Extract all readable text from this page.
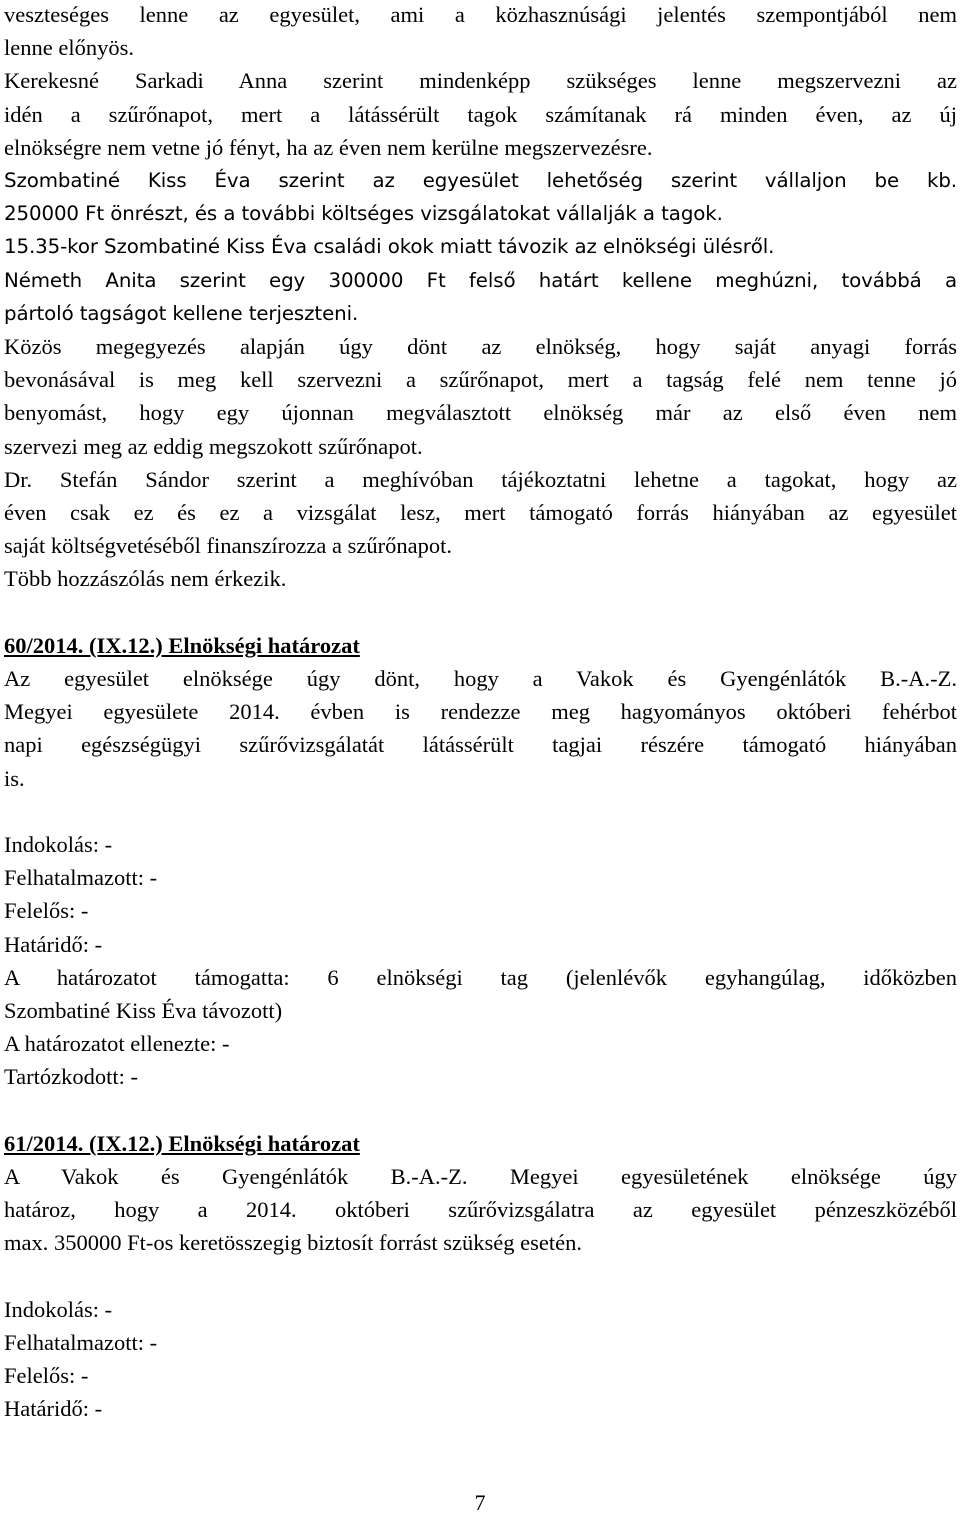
veszteséges lenne az egyesület, ami a közhasznúsági jelentés szempontjából nem
lenne előnyös.
Kerekesné Sarkadi Anna szerint mindenképp szükséges lenne megszervezni az
idén a szűrőnapot, mert a látássérült tagok számítanak rá minden éven, az új
elnökségre nem vetne jó fényt, ha az éven nem kerülne megszervezésre.
Szombatiné Kiss Éva szerint az egyesület lehetőség szerint vállaljon be kb.
250000 Ft önrészt, és a további költséges vizsgálatokat vállalják a tagok.
15.35-kor Szombatiné Kiss Éva családi okok miatt távozik az elnökségi ülésről.
Németh Anita szerint egy 300000 Ft felső határt kellene meghúzni, továbbá a
pártoló tagságot kellene terjeszteni.
Közös megegyezés alapján úgy dönt az elnökség, hogy saját anyagi forrás
bevonásával is meg kell szervezni a szűrőnapot, mert a tagság felé nem tenne jó
benyomást, hogy egy újonnan megválasztott elnökség már az első éven nem
szervezi meg az eddig megszokott szűrőnapot.
Dr. Stefán Sándor szerint a meghívóban tájékoztatni lehetne a tagokat, hogy az
éven csak ez és ez a vizsgálat lesz, mert támogató forrás hiányában az egyesület
saját költségvetéséből finanszírozza a szűrőnapot.
Több hozzászólás nem érkezik.
60/2014. (IX.12.) Elnökségi határozat
Az egyesület elnöksége úgy dönt, hogy a Vakok és Gyengénlátók B.-A.-Z.
Megyei egyesülete 2014. évben is rendezze meg hagyományos októberi fehérbot
napi egészségügyi szűrővizsgálatát látássérült tagjai részére támogató hiányában
is.
Indokolás: -
Felhatalmazott: -
Felelős: -
Határidő: -
A határozatot támogatta: 6 elnökségi tag (jelenlévők egyhangúlag, időközben
Szombatiné Kiss Éva távozott)
A határozatot ellenezte: -
Tartózkodott: -
61/2014. (IX.12.) Elnökségi határozat
A Vakok és Gyengénlátók B.-A.-Z. Megyei egyesületének elnöksége úgy
határoz, hogy a 2014. októberi szűrővizsgálatra az egyesület pénzeszközéből
max. 350000 Ft-os keretösszegig biztosít forrást szükség esetén.
Indokolás: -
Felhatalmazott: -
Felelős: -
Határidő: -
7
